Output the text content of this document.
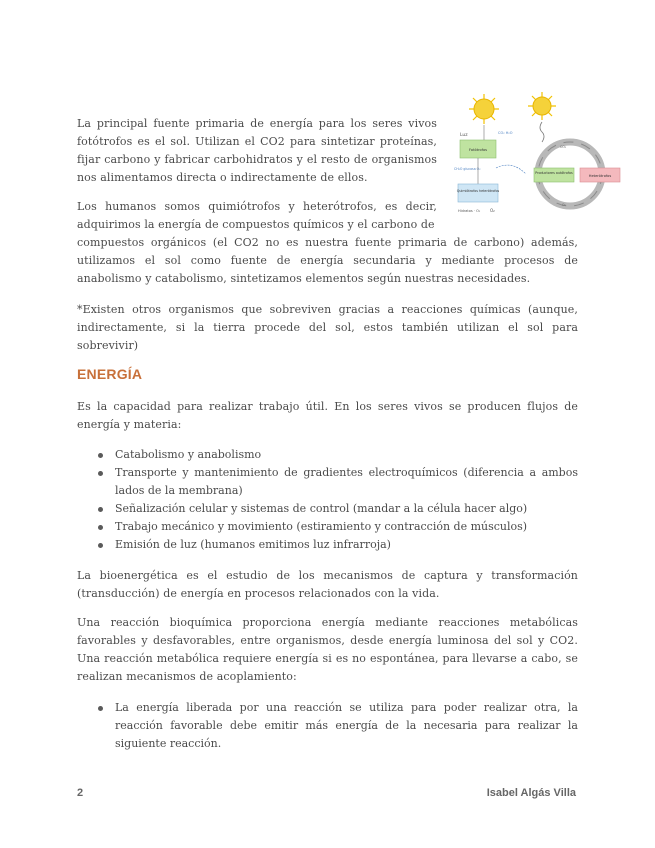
La principal fuente primaria de energía para los seres vivos fotótrofos es el sol. Utilizan el CO2 para sintetizar proteínas, fijar carbono y fabricar carbohidratos y el resto de organismos nos alimentamos directa o indirectamente de ellos.

Los humanos somos quimiótrofos y heterótrofos, es decir, adquirimos la energía de compuestos químicos y el carbono de

compuestos orgánicos (el CO2 no es nuestra fuente primaria de carbono) además, utilizamos el sol como fuente de energía secundaria y mediante procesos de anabolismo y catabolismo, sintetizamos elementos según nuestras necesidades.

*Existen otros organismos que sobreviven gracias a reacciones químicas (aunque, indirectamente, si la tierra procede del sol, estos también utilizan el sol para sobrevivir)

Luz	CO₂ H₂O
Fotótrofos
CH₂O glucosa O₂
Quimiótrofos heterótrofos
Hidratos · O₂ O₂
Productores autótrofos
Heterótrofos
CO₂
O₂
ENERGÍA

Es la capacidad para realizar trabajo útil. En los seres vivos se producen flujos de energía y materia:

Catabolismo y anabolismo
Transporte y mantenimiento de gradientes electroquímicos (diferencia a ambos lados de la membrana)
Señalización celular y sistemas de control (mandar a la célula hacer algo)
Trabajo mecánico y movimiento (estiramiento y contracción de músculos)
Emisión de luz (humanos emitimos luz infrarroja)

La bioenergética es el estudio de los mecanismos de captura y transformación (transducción) de energía en procesos relacionados con la vida.

Una reacción bioquímica proporciona energía mediante reacciones metabólicas favorables y desfavorables, entre organismos, desde energía luminosa del sol y CO2. Una reacción metabólica requiere energía si es no espontánea, para llevarse a cabo, se realizan mecanismos de acoplamiento:

La energía liberada por una reacción se utiliza para poder realizar otra, la reacción favorable debe emitir más energía de la necesaria para realizar la siguiente reacción.
2	Isabel Algás Villa
